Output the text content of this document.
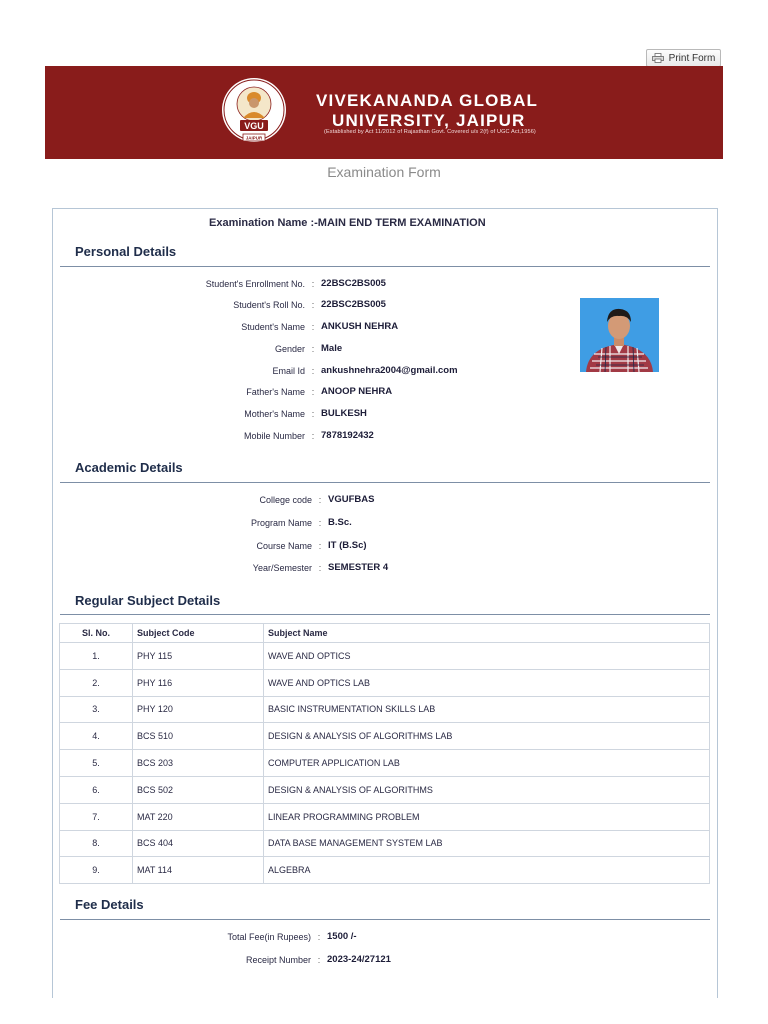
Print Form
VGU
JAIPUR
VIVEKANANDA GLOBAL
UNIVERSITY, JAIPUR
(Established by Act 11/2012 of Rajasthan Govt. Covered u/s 2(f) of UGC Act,1956)
Examination Form
Examination Name :-MAIN END TERM EXAMINATION
Personal Details
Student's Enrollment No. : 22BSC2BS005
Student's Roll No. : 22BSC2BS005
Student's Name : ANKUSH NEHRA
Gender : Male
Email Id : ankushnehra2004@gmail.com
Father's Name : ANOOP NEHRA
Mother's Name : BULKESH
Mobile Number : 7878192432
Academic Details
College code : VGUFBAS
Program Name : B.Sc.
Course Name : IT (B.Sc)
Year/Semester : SEMESTER 4
Regular Subject Details
Sl. No.	Subject Code	Subject Name
1.	PHY 115	WAVE AND OPTICS
2.	PHY 116	WAVE AND OPTICS LAB
3.	PHY 120	BASIC INSTRUMENTATION SKILLS LAB
4.	BCS 510	DESIGN & ANALYSIS OF ALGORITHMS LAB
5.	BCS 203	COMPUTER APPLICATION LAB
6.	BCS 502	DESIGN & ANALYSIS OF ALGORITHMS
7.	MAT 220	LINEAR PROGRAMMING PROBLEM
8.	BCS 404	DATA BASE MANAGEMENT SYSTEM LAB
9.	MAT 114	ALGEBRA
Fee Details
Total Fee(in Rupees) : 1500 /-
Receipt Number : 2023-24/27121
